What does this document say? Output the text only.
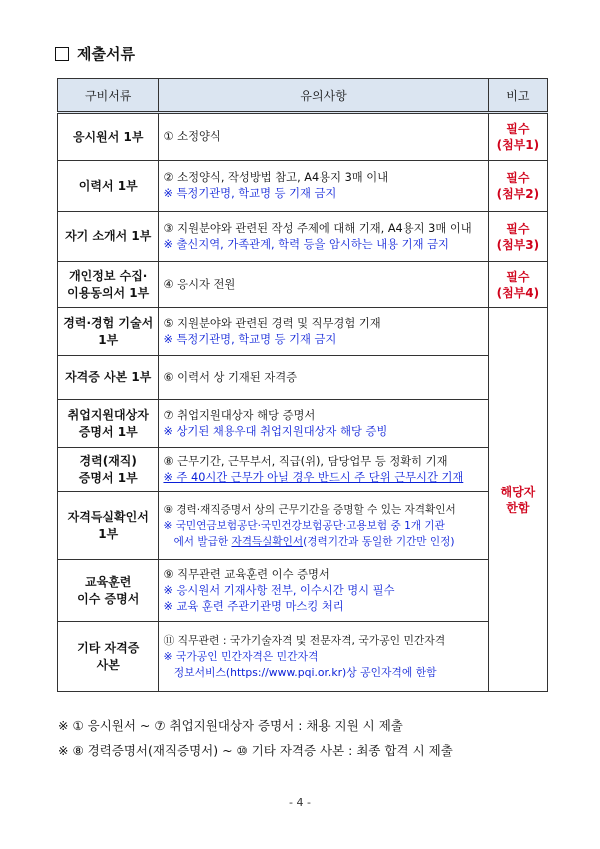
제출서류
구비서류	유의사항	비고
응시원서 1부	① 소정양식	필수
(첨부1)
이력서 1부	② 소정양식, 작성방법 참고, A4용지 3매 이내
※ 특정기관명, 학교명 등 기재 금지	필수
(첨부2)
자기 소개서 1부	③ 지원분야와 관련된 작성 주제에 대해 기재, A4용지 3매 이내
※ 출신지역, 가족관계, 학력 등을 암시하는 내용 기재 금지	필수
(첨부3)
개인정보 수집·
이용동의서 1부	④ 응시자 전원	필수
(첨부4)
경력·경험 기술서
1부	⑤ 지원분야와 관련된 경력 및 직무경험 기재
※ 특정기관명, 학교명 등 기재 금지	해당자
한함
자격증 사본 1부	⑥ 이력서 상 기재된 자격증	
취업지원대상자
증명서 1부	⑦ 취업지원대상자 해당 증명서
※ 상기된 채용우대 취업지원대상자 해당 증빙	
경력(재직)
증명서 1부	⑧ 근무기간, 근무부서, 직급(위), 담당업무 등 정확히 기재
※ 주 40시간 근무가 아닐 경우 반드시 주 단위 근무시간 기재	
자격득실확인서
1부	⑨ 경력·재직증명서 상의 근무기간을 증명할 수 있는 자격확인서
※ 국민연금보험공단·국민건강보험공단·고용보험 중 1개 기관
에서 발급한 자격득실확인서(경력기간과 동일한 기간만 인정)	
교육훈련
이수 증명서	⑨ 직무관련 교육훈련 이수 증명서
※ 응시원서 기재사항 전부, 이수시간 명시 필수
※ 교육 훈련 주관기관명 마스킹 처리	
기타 자격증
사본	⑪ 직무관련 : 국가기술자격 및 전문자격, 국가공인 민간자격
※ 국가공인 민간자격은 민간자격
정보서비스(https://www.pqi.or.kr)상 공인자격에 한함	
※ ① 응시원서 ~ ⑦ 취업지원대상자 증명서 : 채용 지원 시 제출
※ ⑧ 경력증명서(재직증명서) ~ ⑩ 기타 자격증 사본 : 최종 합격 시 제출
- 4 -
